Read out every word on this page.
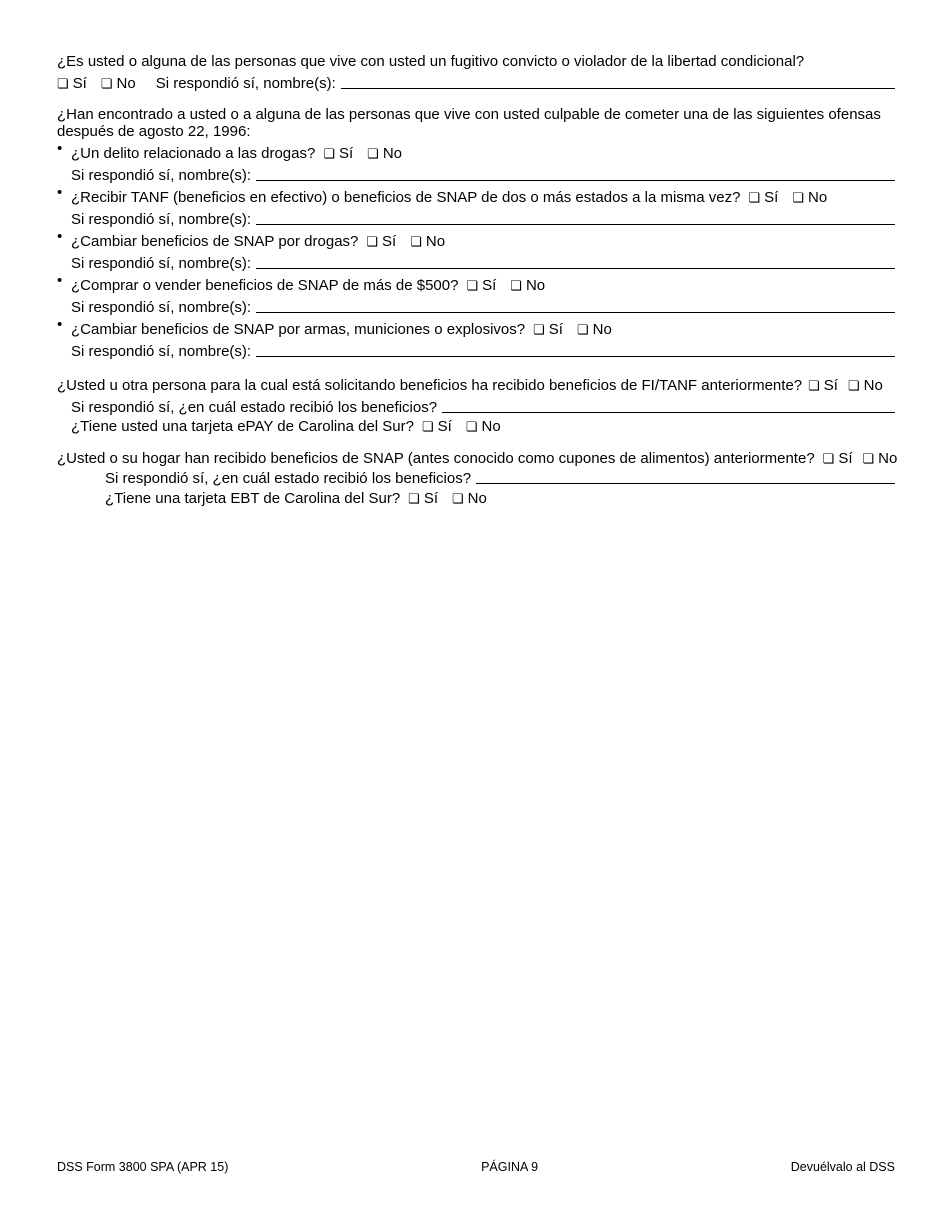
¿Es usted o alguna de las personas que vive con usted un fugitivo convicto o violador de la libertad condicional?

❏ Sí ❏ No Si respondió sí, nombre(s):

¿Han encontrado a usted o a alguna de las personas que vive con usted culpable de cometer una de las siguientes ofensas después de agosto 22, 1996:

• ¿Un delito relacionado a las drogas? ❏ Sí ❏ No
Si respondió sí, nombre(s):
• ¿Recibir TANF (beneficios en efectivo) o beneficios de SNAP de dos o más estados a la misma vez? ❏ Sí ❏ No
Si respondió sí, nombre(s):
• ¿Cambiar beneficios de SNAP por drogas? ❏ Sí ❏ No
Si respondió sí, nombre(s):
• ¿Comprar o vender beneficios de SNAP de más de $500? ❏ Sí ❏ No
Si respondió sí, nombre(s):
• ¿Cambiar beneficios de SNAP por armas, municiones o explosivos? ❏ Sí ❏ No
Si respondió sí, nombre(s):
¿Usted u otra persona para la cual está solicitando beneficios ha recibido beneficios de FI/TANF anteriormente? ❏ Sí ❏ No
Si respondió sí, ¿en cuál estado recibió los beneficios?
¿Tiene usted una tarjeta ePAY de Carolina del Sur? ❏ Sí ❏ No
¿Usted o su hogar han recibido beneficios de SNAP (antes conocido como cupones de alimentos) anteriormente? ❏ Sí ❏ No
Si respondió sí, ¿en cuál estado recibió los beneficios?
¿Tiene una tarjeta EBT de Carolina del Sur? ❏ Sí ❏ No
DSS Form 3800 SPA (APR 15)	PÁGINA 9	Devuélvalo al DSS
